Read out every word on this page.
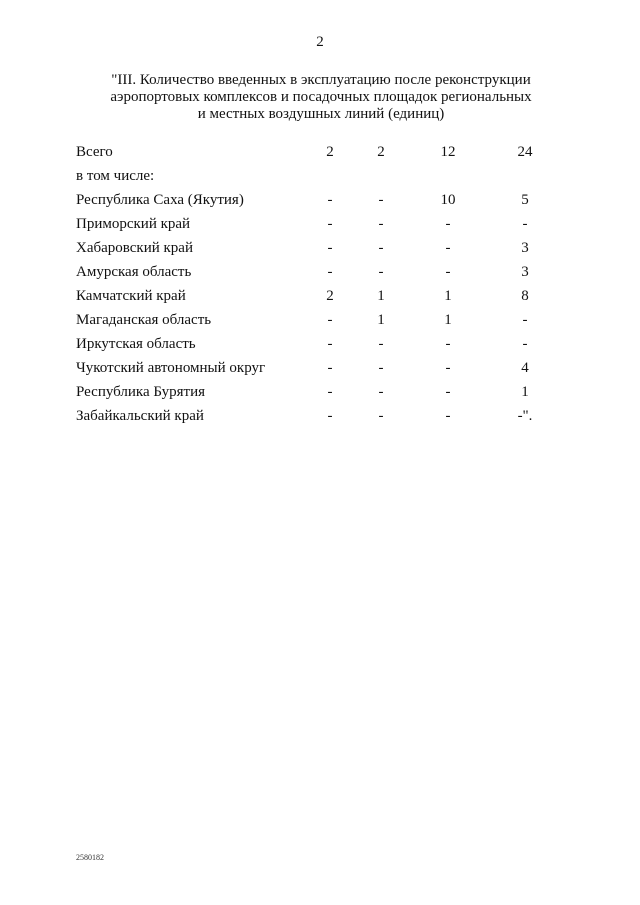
2
"III. Количество введенных в эксплуатацию после реконструкции
аэропортовых комплексов и посадочных площадок региональных
и местных воздушных линий (единиц)
Всего	2	2	12	24
в том числе:
Республика Саха (Якутия)	-	-	10	5
Приморский край	-	-	-	-
Хабаровский край	-	-	-	3
Амурская область	-	-	-	3
Камчатский край	2	1	1	8
Магаданская область	-	1	1	-
Иркутская область	-	-	-	-
Чукотский автономный округ	-	-	-	4
Республика Бурятия	-	-	-	1
Забайкальский край	-	-	-	-".
2580182
